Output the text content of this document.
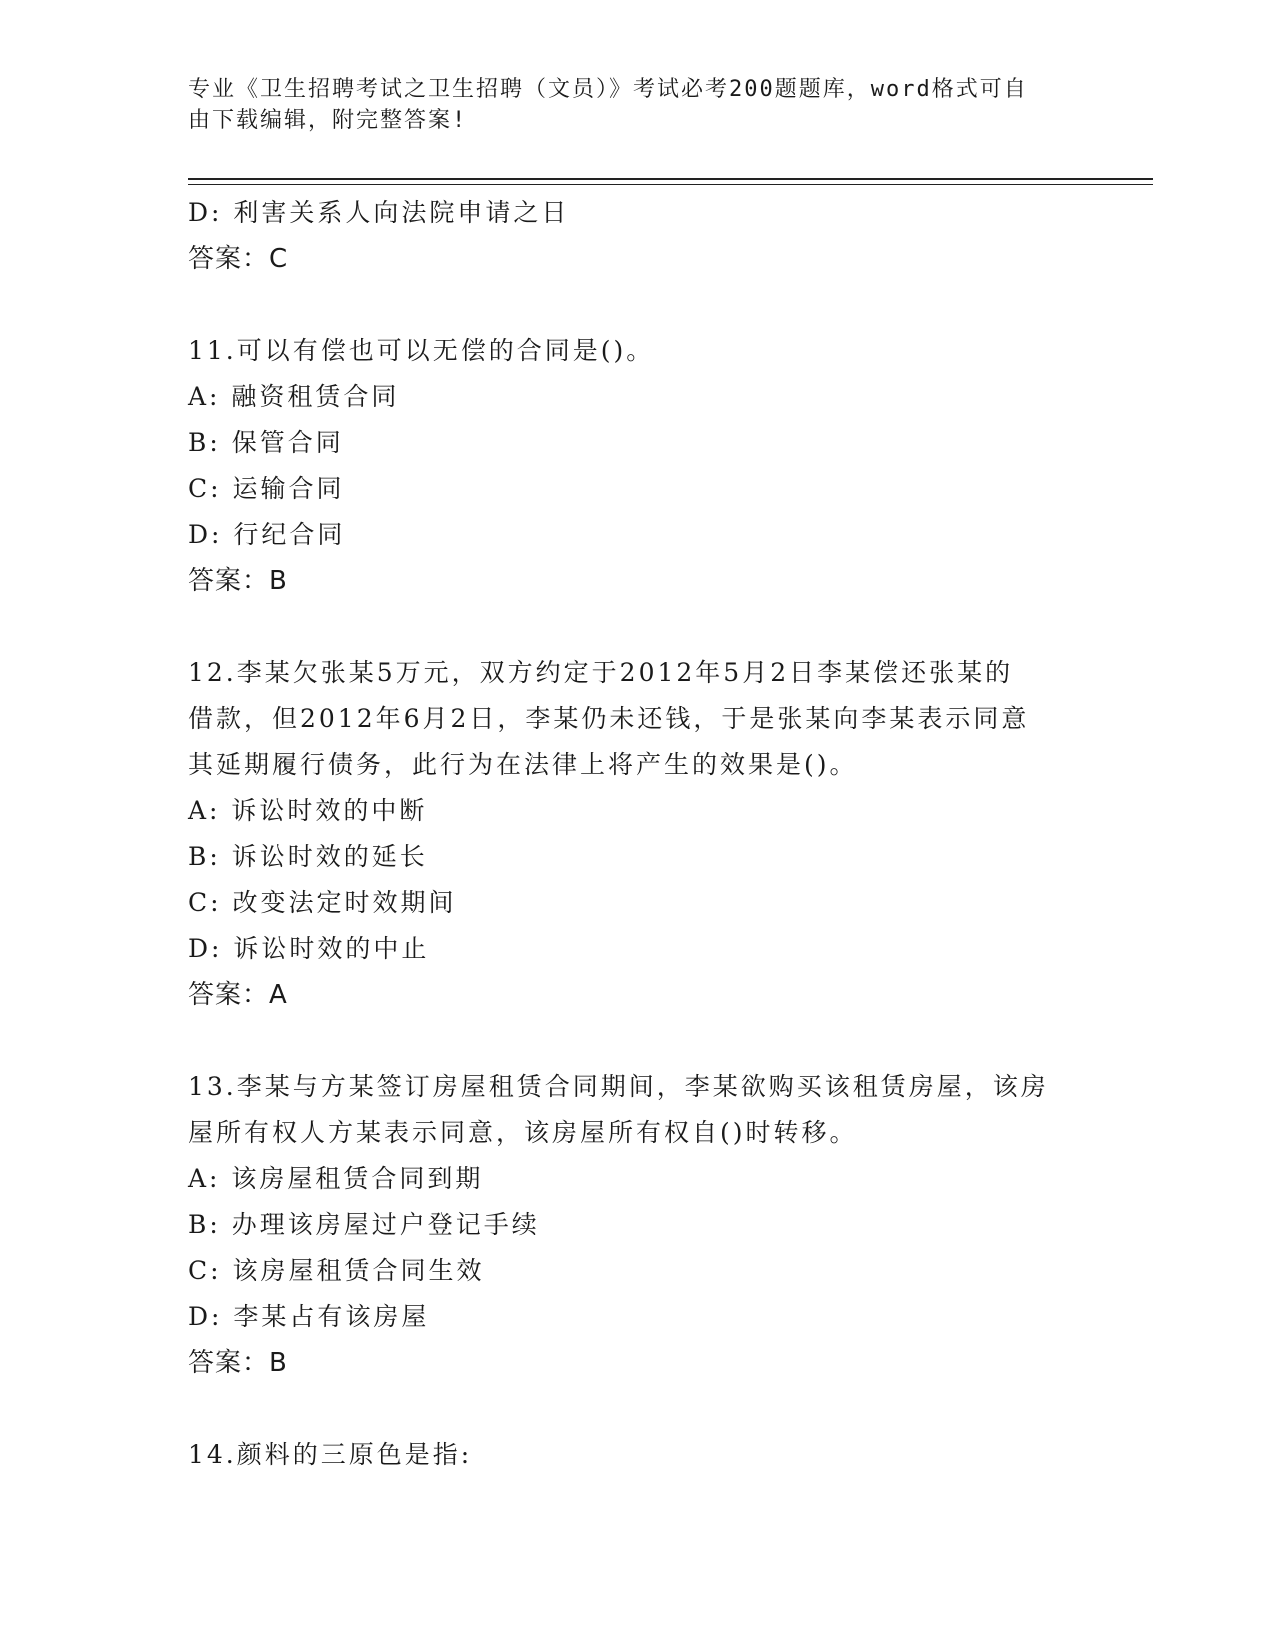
专业《卫生招聘考试之卫生招聘（文员）》考试必考200题题库，word格式可自
由下载编辑，附完整答案!
D: 利害关系人向法院申请之日
答案：C
11.可以有偿也可以无偿的合同是()。
A: 融资租赁合同
B: 保管合同
C: 运输合同
D: 行纪合同
答案：B
12.李某欠张某5万元，双方约定于2012年5月2日李某偿还张某的
借款，但2012年6月2日，李某仍未还钱，于是张某向李某表示同意
其延期履行债务，此行为在法律上将产生的效果是()。
A: 诉讼时效的中断
B: 诉讼时效的延长
C: 改变法定时效期间
D: 诉讼时效的中止
答案：A
13.李某与方某签订房屋租赁合同期间，李某欲购买该租赁房屋，该房
屋所有权人方某表示同意，该房屋所有权自()时转移。
A: 该房屋租赁合同到期
B: 办理该房屋过户登记手续
C: 该房屋租赁合同生效
D: 李某占有该房屋
答案：B
14.颜料的三原色是指:
